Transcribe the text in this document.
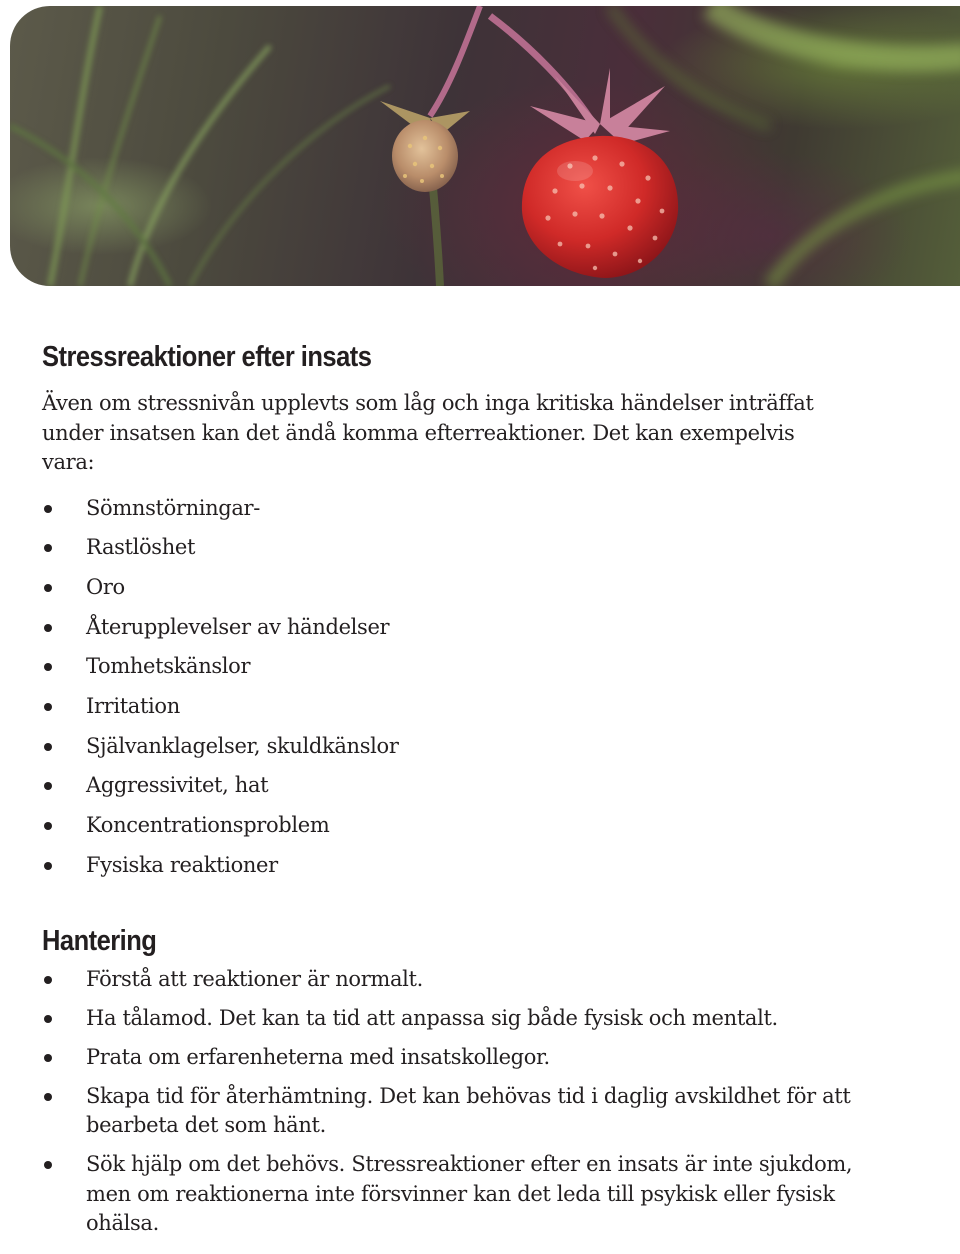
Stressreaktioner efter insats

Även om stressnivån upplevts som låg och inga kritiska händelser inträffat under insatsen kan det ändå komma efterreaktioner. Det kan exempelvis vara:

Sömnstörningar-
Rastlöshet
Oro
Återupplevelser av händelser
Tomhetskänslor
Irritation
Självanklagelser, skuldkänslor
Aggressivitet, hat
Koncentrationsproblem
Fysiska reaktioner
Hantering
Förstå att reaktioner är normalt.
Ha tålamod. Det kan ta tid att anpassa sig både fysisk och mentalt.
Prata om erfarenheterna med insatskollegor.
Skapa tid för återhämtning. Det kan behövas tid i daglig avskildhet för att bearbeta det som hänt.
Sök hjälp om det behövs. Stressreaktioner efter en insats är inte sjukdom, men om reaktionerna inte försvinner kan det leda till psykisk eller fysisk ohälsa.
